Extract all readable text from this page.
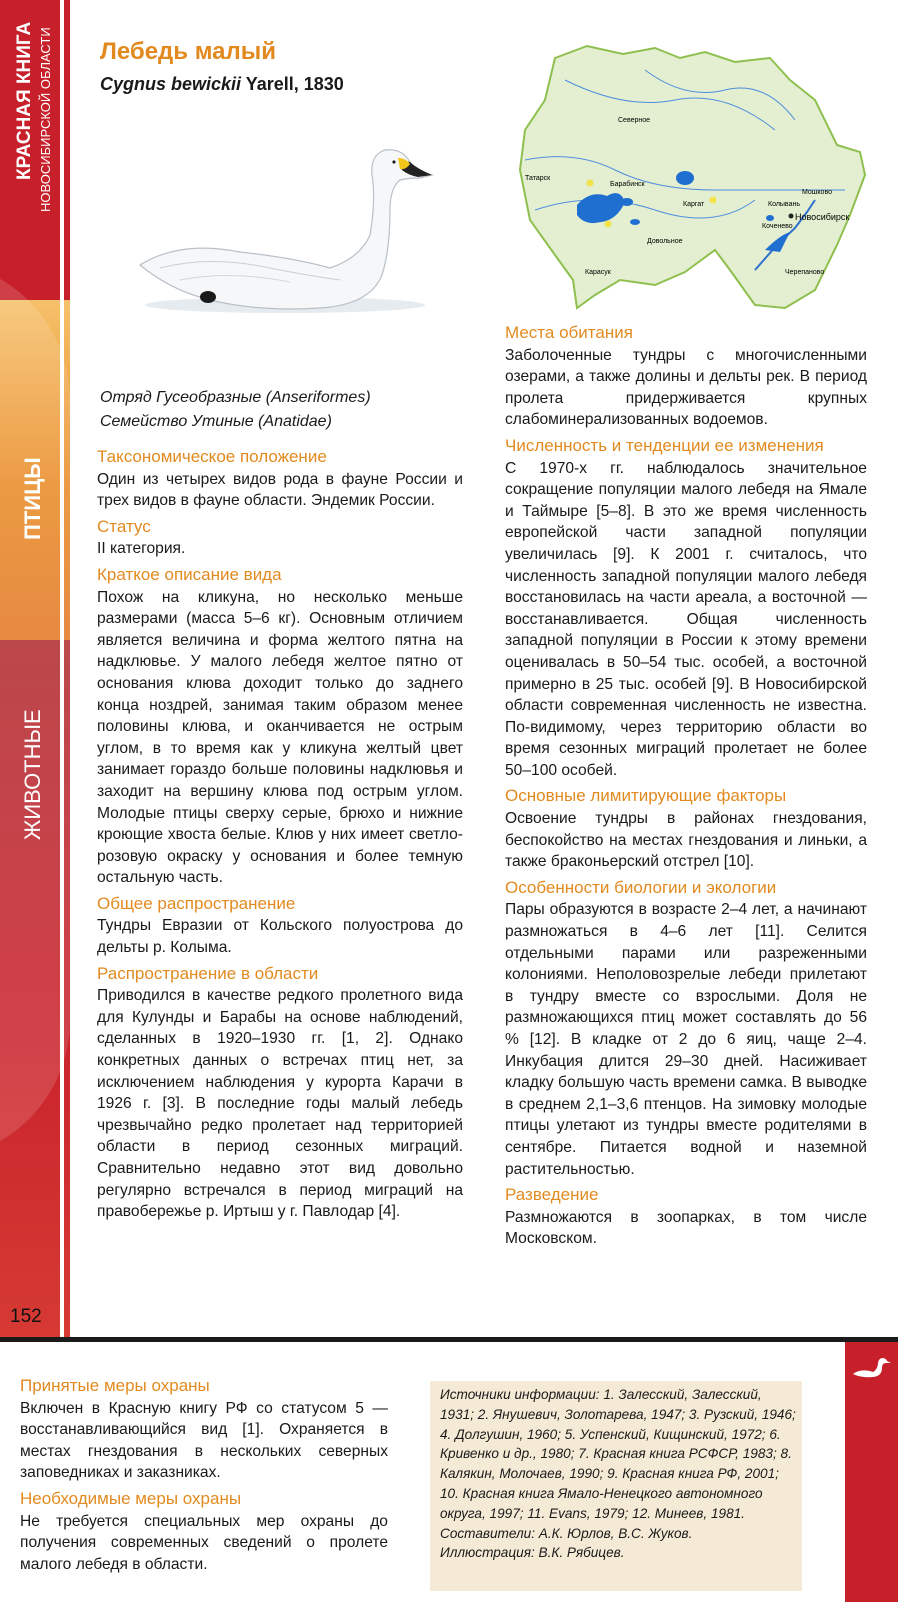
КРАСНАЯ КНИГА НОВОСИБИРСКОЙ ОБЛАСТИ
ПТИЦЫ
ЖИВОТНЫЕ
152
Лебедь малый
Cygnus bewickii Yarell, 1830
Северное
Татарск
Барабинск
Каргат	Колывань
Мошково
Новосибирск
Коченево
Довольное
Карасук	Черепаново
Отряд Гусеобразные (Anseriformes)
Семейство Утиные (Anatidae)
Таксономическое положение

Один из четырех видов рода в фауне России и трех видов в фауне области. Эндемик России.

Статус

II категория.

Краткое описание вида

Похож на кликуна, но несколько меньше размерами (масса 5–6 кг). Основным отличием является величина и форма желтого пятна на надклювье. У малого лебедя желтое пятно от основания клюва доходит только до заднего конца ноздрей, занимая таким образом менее половины клюва, и оканчивается не острым углом, в то время как у кликуна желтый цвет занимает гораздо больше половины надклювья и заходит на вершину клюва под острым углом. Молодые птицы сверху серые, брюхо и нижние кроющие хвоста белые. Клюв у них имеет светло-розовую окраску у основания и более темную остальную часть.

Общее распространение

Тундры Евразии от Кольского полуострова до дельты р. Колыма.

Распространение в области

Приводился в качестве редкого пролетного вида для Кулунды и Барабы на основе наблюдений, сделанных в 1920–1930 гг. [1, 2]. Однако конкретных данных о встречах птиц нет, за исключением наблюдения у курорта Карачи в 1926 г. [3]. В последние годы малый лебедь чрезвычайно редко пролетает над территорией области в период сезонных миграций. Сравнительно недавно этот вид довольно регулярно встречался в период миграций на правобережье р. Иртыш у г. Павлодар [4].

Места обитания

Заболоченные тундры с многочисленными озерами, а также долины и дельты рек. В период пролета придерживается крупных слабоминерализованных водоемов.

Численность и тенденции ее изменения

С 1970-х гг. наблюдалось значительное сокращение популяции малого лебедя на Ямале и Таймыре [5–8]. В это же время численность европейской части западной популяции увеличилась [9]. К 2001 г. считалось, что численность западной популяции малого лебедя восстановилась на части ареала, а восточной — восстанавливается. Общая численность западной популяции в России к этому времени оценивалась в 50–54 тыс. особей, а восточной примерно в 25 тыс. особей [9]. В Новосибирской области современная численность не известна. По-видимому, через территорию области во время сезонных миграций пролетает не более 50–100 особей.

Основные лимитирующие факторы

Освоение тундры в районах гнездования, беспокойство на местах гнездования и линьки, а также браконьерский отстрел [10].

Особенности биологии и экологии

Пары образуются в возрасте 2–4 лет, а начинают размножаться в 4–6 лет [11]. Селится отдельными парами или разреженными колониями. Неполовозрелые лебеди прилетают в тундру вместе со взрослыми. Доля не размножающихся птиц может составлять до 56 % [12]. В кладке от 2 до 6 яиц, чаще 2–4. Инкубация длится 29–30 дней. Насиживает кладку большую часть времени самка. В выводке в среднем 2,1–3,6 птенцов. На зимовку молодые птицы улетают из тундры вместе родителями в сентябре. Питается водной и наземной растительностью.

Разведение

Размножаются в зоопарках, в том числе Московском.

Принятые меры охраны

Включен в Красную книгу РФ со статусом 5 — восстанавливающийся вид [1]. Охраняется в местах гнездования в нескольких северных заповедниках и заказниках.

Необходимые меры охраны

Не требуется специальных мер охраны до получения современных сведений о пролете малого лебедя в области.

Источники информации: 1. Залесский, Залесский, 1931; 2. Янушевич, Золотарева, 1947; 3. Рузский, 1946; 4. Долгушин, 1960; 5. Успенский, Кищинский, 1972; 6. Кривенко и др., 1980; 7. Красная книга РСФСР, 1983; 8. Калякин, Молочаев, 1990; 9. Красная книга РФ, 2001; 10. Красная книга Ямало-Ненецкого автономного округа, 1997; 11. Evans, 1979; 12. Минеев, 1981.
Составители: А.К. Юрлов, В.С. Жуков.
Иллюстрация: В.К. Рябицев.
